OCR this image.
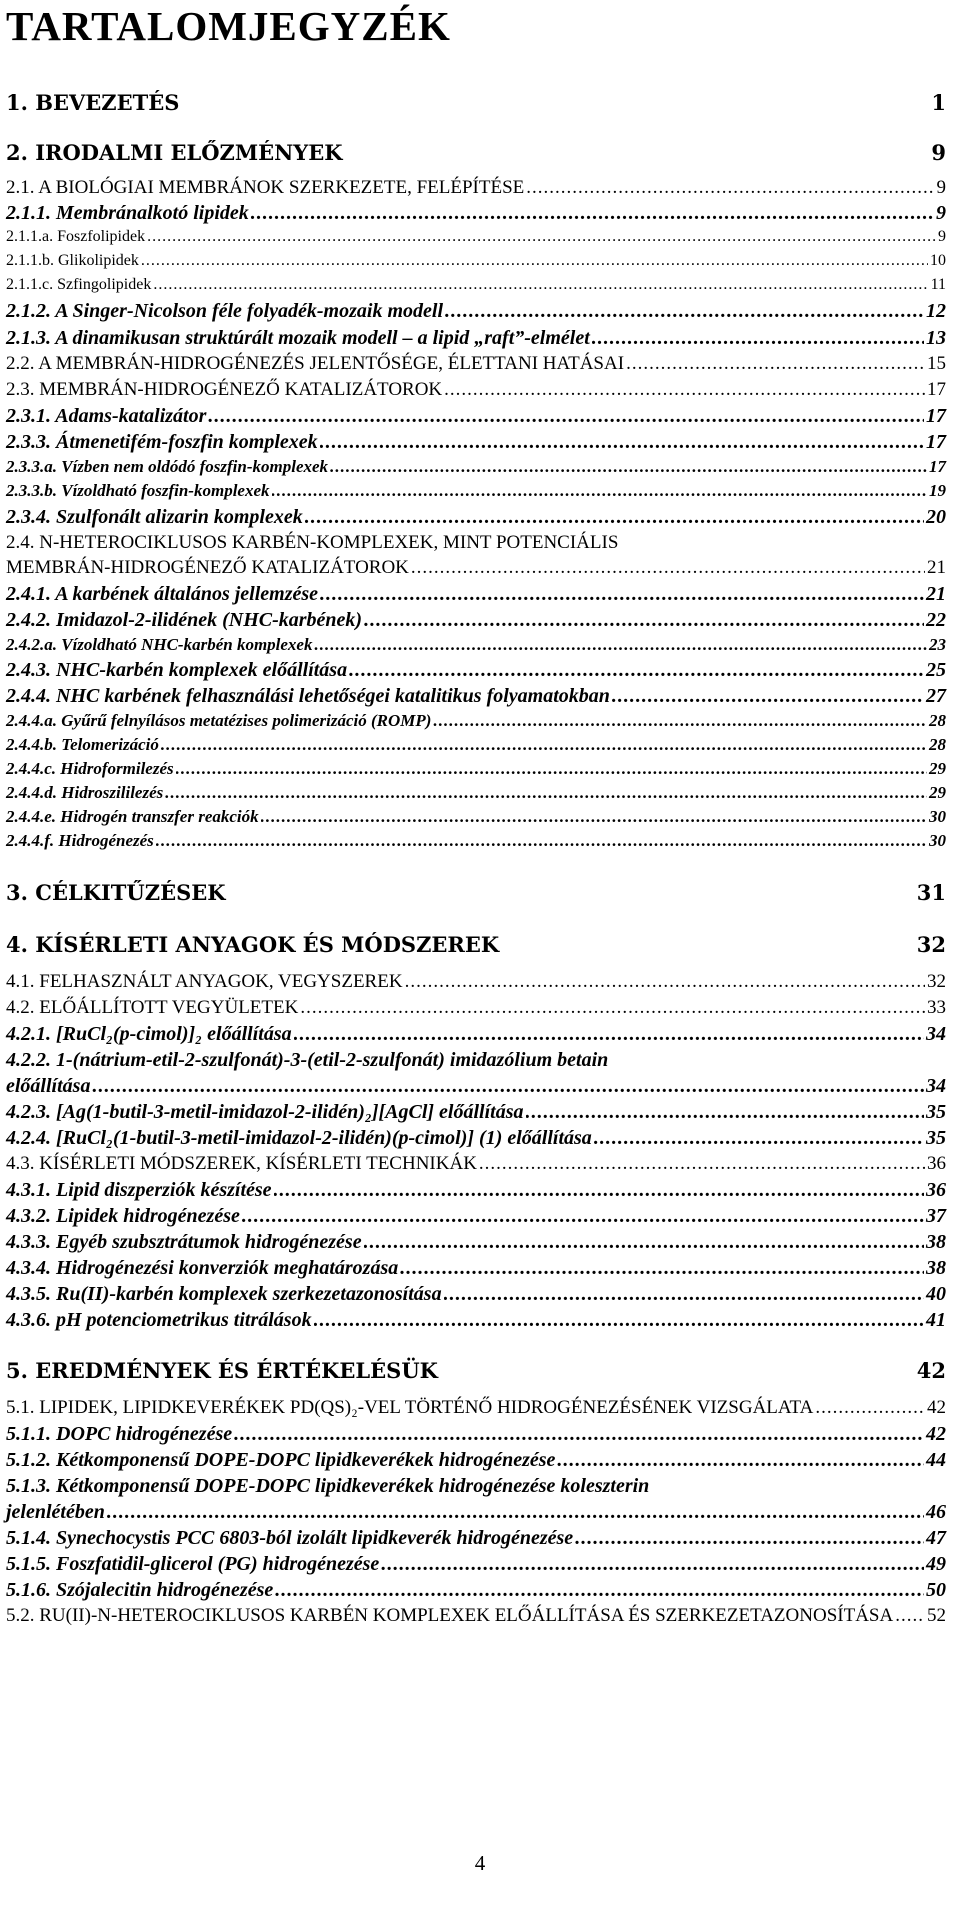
TARTALOMJEGYZÉK
1. BEVEZETÉS	1
2. IRODALMI ELŐZMÉNYEK	9
2.1. A BIOLÓGIAI MEMBRÁNOK SZERKEZETE, FELÉPÍTÉSE .....	9
2.1.1. Membránalkotó lipidek .....	9
2.1.1.a. Foszfolipidek .....	9
2.1.1.b. Glikolipidek .....	10
2.1.1.c. Szfingolipidek .....	11
2.1.2. A Singer-Nicolson féle folyadék-mozaik modell .....	12
2.1.3. A dinamikusan struktúrált mozaik modell – a lipid „raft”-elmélet .....	13
2.2. A MEMBRÁN-HIDROGÉNEZÉS JELENTŐSÉGE, ÉLETTANI HATÁSAI .....	15
2.3. MEMBRÁN-HIDROGÉNEZŐ KATALIZÁTOROK .....	17
2.3.1. Adams-katalizátor .....	17
2.3.3. Átmenetifém-foszfin komplexek .....	17
2.3.3.a. Vízben nem oldódó foszfin-komplexek .....	17
2.3.3.b. Vízoldható foszfin-komplexek .....	19
2.3.4. Szulfonált alizarin komplexek .....	20
2.4. N-HETEROCIKLUSOS KARBÉN-KOMPLEXEK, MINT POTENCIÁLIS
MEMBRÁN-HIDROGÉNEZŐ KATALIZÁTOROK .....	21
2.4.1. A karbének általános jellemzése .....	21
2.4.2. Imidazol-2-ilidének (NHC-karbének) .....	22
2.4.2.a. Vízoldható NHC-karbén komplexek .....	23
2.4.3. NHC-karbén komplexek előállítása .....	25
2.4.4. NHC karbének felhasználási lehetőségei katalitikus folyamatokban .....	27
2.4.4.a. Gyűrű felnyílásos metatézises polimerizáció (ROMP) .....	28
2.4.4.b. Telomerizáció .....	28
2.4.4.c. Hidroformilezés .....	29
2.4.4.d. Hidroszililezés .....	29
2.4.4.e. Hidrogén transzfer reakciók .....	30
2.4.4.f. Hidrogénezés .....	30
3. CÉLKITŰZÉSEK	31
4. KÍSÉRLETI ANYAGOK ÉS MÓDSZEREK	32
4.1. FELHASZNÁLT ANYAGOK, VEGYSZEREK .....	32
4.2. ELŐÁLLÍTOTT VEGYÜLETEK .....	33
4.2.1. [RuCl₂(p-cimol)]₂ előállítása .....	34
4.2.2. 1-(nátrium-etil-2-szulfonát)-3-(etil-2-szulfonát) imidazólium betain
előállítása .....	34
4.2.3. [Ag(1-butil-3-metil-imidazol-2-ilidén)₂][AgCl] előállítása .....	35
4.2.4. [RuCl₂(1-butil-3-metil-imidazol-2-ilidén)(p-cimol)] (1) előállítása .....	35
4.3. KÍSÉRLETI MÓDSZEREK, KÍSÉRLETI TECHNIKÁK .....	36
4.3.1. Lipid diszperziók készítése .....	36
4.3.2. Lipidek hidrogénezése .....	37
4.3.3. Egyéb szubsztrátumok hidrogénezése .....	38
4.3.4. Hidrogénezési konverziók meghatározása .....	38
4.3.5. Ru(II)-karbén komplexek szerkezetazonosítása .....	40
4.3.6. pH potenciometrikus titrálások .....	41
5. EREDMÉNYEK ÉS ÉRTÉKELÉSÜK	42
5.1. LIPIDEK, LIPIDKEVERÉKEK PD(QS)₂-VEL TÖRTÉNŐ HIDROGÉNEZÉSÉNEK VIZSGÁLATA .....	42
5.1.1. DOPC hidrogénezése .....	42
5.1.2. Kétkomponensű DOPE-DOPC lipidkeverékek hidrogénezése .....	44
5.1.3. Kétkomponensű DOPE-DOPC lipidkeverékek hidrogénezése koleszterin
jelenlétében .....	46
5.1.4. Synechocystis PCC 6803-ból izolált lipidkeverék hidrogénezése .....	47
5.1.5. Foszfatidil-glicerol (PG) hidrogénezése .....	49
5.1.6. Szójalecitin hidrogénezése .....	50
5.2. RU(II)-N-HETEROCIKLUSOS KARBÉN KOMPLEXEK ELŐÁLLÍTÁSA ÉS SZERKEZETAZONOSÍTÁSA ..... 52
4
